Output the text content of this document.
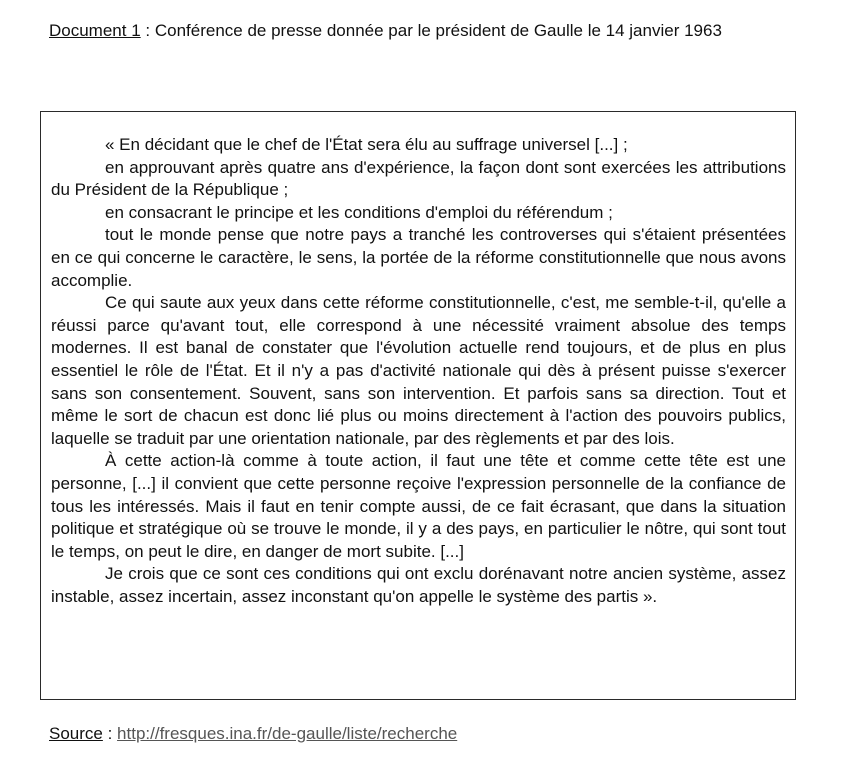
Document 1 : Conférence de presse donnée par le président de Gaulle le 14 janvier 1963

« En décidant que le chef de l'État sera élu au suffrage universel [...] ;

en approuvant après quatre ans d'expérience, la façon dont sont exercées les attributions du Président de la République ;

en consacrant le principe et les conditions d'emploi du référendum ;

tout le monde pense que notre pays a tranché les controverses qui s'étaient présentées en ce qui concerne le caractère, le sens, la portée de la réforme constitutionnelle que nous avons accomplie.

Ce qui saute aux yeux dans cette réforme constitutionnelle, c'est, me semble-t-il, qu'elle a réussi parce qu'avant tout, elle correspond à une nécessité vraiment absolue des temps modernes. Il est banal de constater que l'évolution actuelle rend toujours, et de plus en plus essentiel le rôle de l'État. Et il n'y a pas d'activité nationale qui dès à présent puisse s'exercer sans son consentement. Souvent, sans son intervention. Et parfois sans sa direction. Tout et même le sort de chacun est donc lié plus ou moins directement à l'action des pouvoirs publics, laquelle se traduit par une orientation nationale, par des règlements et par des lois.

À cette action-là comme à toute action, il faut une tête et comme cette tête est une personne, [...] il convient que cette personne reçoive l'expression personnelle de la confiance de tous les intéressés. Mais il faut en tenir compte aussi, de ce fait écrasant, que dans la situation politique et stratégique où se trouve le monde, il y a des pays, en particulier le nôtre, qui sont tout le temps, on peut le dire, en danger de mort subite. [...]

Je crois que ce sont ces conditions qui ont exclu dorénavant notre ancien système, assez instable, assez incertain, assez inconstant qu'on appelle le système des partis ».

Source : http://fresques.ina.fr/de-gaulle/liste/recherche
